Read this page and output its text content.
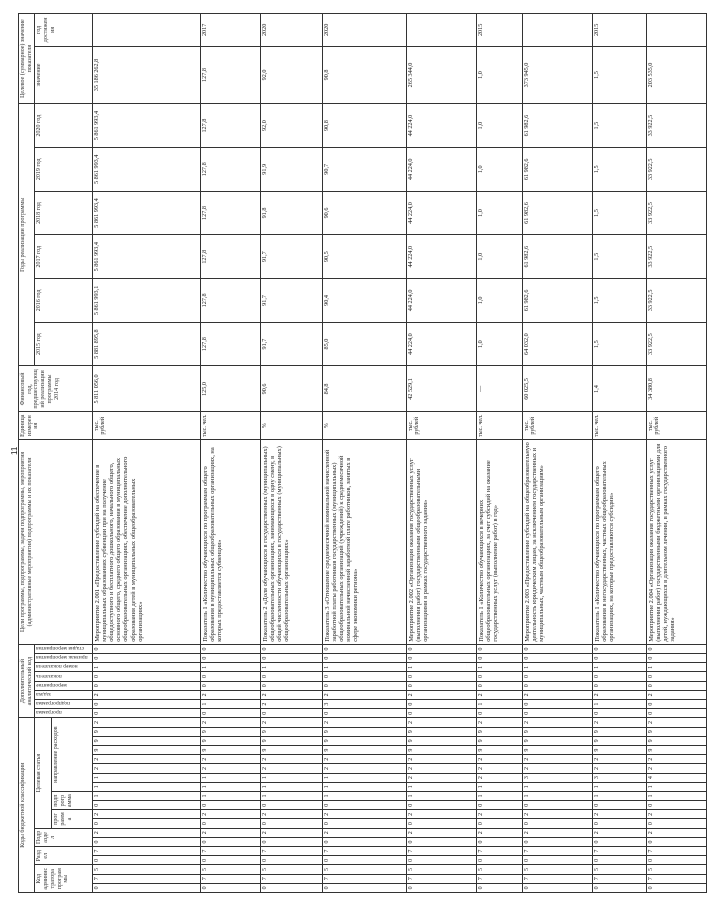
11
Коды бюджетной классификации																			Дополнительный аналитический код								Цели программы, подпрограммы, задачи подпрограммы, мероприятия (административные мероприятия) подпрограммы и их показатели	Единица измерения	Финансовый год, предшествующий реализации программы 2014 год	Годы реализации программы						Целевое (суммарное) значение показателя	
Код администратора программы			Раздел		Подраздел		Целевая статья												программа	подпрограмма	задача	мероприятие	показатель	номер показателя	признак мероприятия	стадия мероприятия				2015 год	2016 год	2017 год	2018 год	2019 год	2020 год	значение	год достижения
							программа		подпрограмма		направление расходов																										
0	7	5	0	7	0	2	0	2	0	1	1	1	2	2	9	9	9	2	0	0	2	0	0	1	0	0	Мероприятие 2.001 «Предоставление субсидий на обеспечение в муниципальных образованиях субвенции при на получение общедоступного и бесплатного дошкольного, начального общего, основного общего, среднего общего образования в муниципальных общеобразовательных организациях, обеспечение дополнительного образования детей в муниципальных общеобразовательных организациях»	тыс. рублей	5 811 056,0	5 881 895,8	5 861 993,1	5 861 993,4	5 861 993,4	5 861 993,4	5 861 993,4	35 186 262,8	
0	7	5	0	7	0	2	0	2	0	1	1	1	2	2	9	9	9	2	0	1	2	0	0	1	0	0	Показатель 1 «Количество обучающихся по программам общего образования в муниципальных общеобразовательных организациях, на которых предоставляется субвенция»	тыс. чел.	125,0	127,8	127,8	127,8	127,8	127,8	127,8	127,8	2017
0	7	5	0	7	0	2	0	2	0	1	1	1	2	2	9	9	9	2	0	2	2	0	0	1	0	0	Показатель 2 «Доля обучающихся в государственных (муниципальных) общеобразовательных организациях, занимающихся в одну смену, в общей численности обучающихся в государственных (муниципальных) общеобразовательных организациях»	%	90,6	91,7	91,7	91,7	91,8	91,9	92,0	92,0	2020
0	7	5	0	7	0	2	0	2	0	1	1	1	2	2	9	9	9	2	0	3	2	0	0	1	0	0	Показатель 3 «Отношение среднемесячной номинальной начисленной заработной платы работников государственных (муниципальных) общеобразовательных организаций (учреждений) к среднемесячной номинальной начисленной заработной плате работников, занятых в сфере экономики региона»	%	84,8	85,0	90,4	90,5	90,6	90,7	90,8	90,8	2020
0	7	5	0	7	0	2	0	2	0	1	1	2	2	2	9	9	9	2	0	0	2	0	0	1	0	0	Мероприятие 2.002 «Организация оказания государственных услуг (выполнения работ) государственными общеобразовательными организациями в рамках государственного задания»	тыс. рублей	42 529,1	44 224,0	44 224,0	44 224,0	44 224,0	44 224,0	44 224,0	265 344,0	
0	7	5	0	7	0	2	0	2	0	1	1	2	2	2	9	9	9	2	0	1	2	0	0	1	0	0	Показатель 1 «Количество обучающихся в вечерних общеобразовательных организациях, за счет субсидий на оказание государственных услуг (выполнение работ) в год»	тыс. чел.	—	1,0	1,0	1,0	1,0	1,0	1,0	1,0	2015
0	7	5	0	7	0	2	0	2	0	1	1	3	2	2	9	9	9	2	0	0	2	0	0	1	0	0	Мероприятие 2.003 «Предоставление субсидий на общеобразовательную деятельность юридическим лицам, за исключением государственных и муниципальных, частным общеобразовательным организациям»	тыс. рублей	60 025,5	64 032,0	61 982,6	61 982,6	61 982,6	61 982,6	61 982,6	373 945,0	
0	7	5	0	7	0	2	0	2	0	1	1	3	2	2	9	9	9	2	0	1	2	0	0	1	0	0	Показатель 1 «Количество обучающихся по программам общего образования в негосударственных, частных общеобразовательных организациях, на которые предоставляются субсидии»	тыс. чел.	1,4	1,5	1,5	1,5	1,5	1,5	1,5	1,5	2015
0	7	5	0	7	0	2	0	2	0	1	1	4	2	2	9	9	9	2	0	0	2	0	0	1	0	0	Мероприятие 2.004 «Организация оказания государственных услуг (выполнения работ) государственными бюджетными организациями для детей, нуждающихся в длительном лечении, в рамках государственного задания»	тыс. рублей	34 380,8	33 922,5	33 922,5	33 922,5	33 922,5	33 922,5	33 922,5	203 535,0	
